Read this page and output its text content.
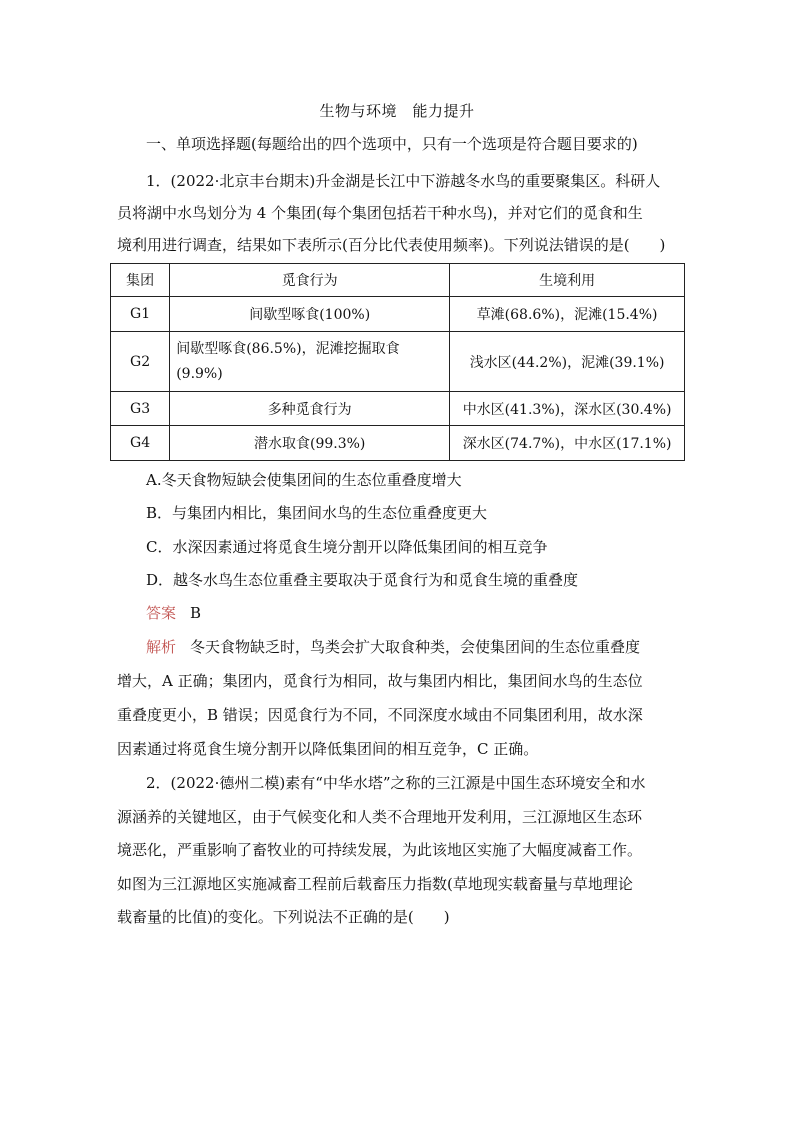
生物与环境　能力提升
一、单项选择题(每题给出的四个选项中，只有一个选项是符合题目要求的)
1．(2022·北京丰台期末)升金湖是长江中下游越冬水鸟的重要聚集区。科研人
员将湖中水鸟划分为 4 个集团(每个集团包括若干种水鸟)，并对它们的觅食和生
境利用进行调查，结果如下表所示(百分比代表使用频率)。下列说法错误的是(　　)
集团	觅食行为	生境利用
G1	间歇型啄食(100%)	草滩(68.6%)，泥滩(15.4%)
G2	间歇型啄食(86.5%)，泥滩挖掘取食(9.9%)	浅水区(44.2%)，泥滩(39.1%)
G3	多种觅食行为	中水区(41.3%)，深水区(30.4%)
G4	潜水取食(99.3%)	深水区(74.7%)，中水区(17.1%)
A.冬天食物短缺会使集团间的生态位重叠度增大
B．与集团内相比，集团间水鸟的生态位重叠度更大
C．水深因素通过将觅食生境分割开以降低集团间的相互竞争
D．越冬水鸟生态位重叠主要取决于觅食行为和觅食生境的重叠度
答案 B
解析 冬天食物缺乏时，鸟类会扩大取食种类，会使集团间的生态位重叠度
增大，A 正确；集团内，觅食行为相同，故与集团内相比，集团间水鸟的生态位
重叠度更小，B 错误；因觅食行为不同，不同深度水域由不同集团利用，故水深
因素通过将觅食生境分割开以降低集团间的相互竞争，C 正确。
2．(2022·德州二模)素有“中华水塔”之称的三江源是中国生态环境安全和水
源涵养的关键地区，由于气候变化和人类不合理地开发利用，三江源地区生态环
境恶化，严重影响了畜牧业的可持续发展，为此该地区实施了大幅度减畜工作。
如图为三江源地区实施减畜工程前后载畜压力指数(草地现实载畜量与草地理论
载畜量的比值)的变化。下列说法不正确的是(　　)
